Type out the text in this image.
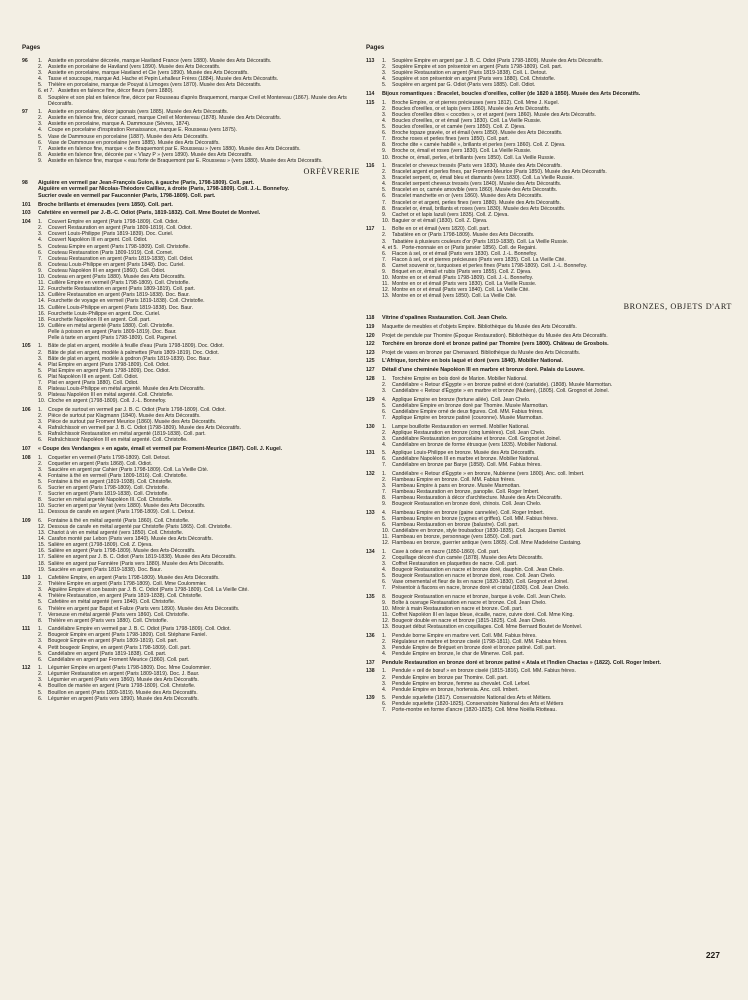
Pages
96	1.	Assiette en porcelaine décorée, marque Haviland France (vers 1880). Musée des Arts Décoratifs.
2.	Assiette en porcelaine de Haviland (vers 1890). Musée des Arts Décoratifs.
3.	Assiette en porcelaine, marque Haviland et Cie (vers 1890). Musée des Arts Décoratifs.
4.	Tasse et soucoupe, marque Ad. Hache et Pepin Lehalleur Frères (1884). Musée des Arts Décoratifs.
5.	Théière en porcelaine, marque de Pouyat à Limoges (vers 1870). Musée des Arts Décoratifs.
6. et 7. Assiettes en faïence fine, décor fleurs (vers 1880).
8.	Soupière et son plat en faïence fine, décor par Rousseau d'après Braquemont, marque Creil et Montereau (1867). Musée des Arts Décoratifs.
97	1.	Assiette en porcelaine, décor japonais (vers 1885). Musée des Arts Décoratifs.
2.	Assiette en faïence fine, décor canard, marque Creil et Montereau (1878). Musée des Arts Décoratifs.
3.	Assiette en porcelaine, marque A. Dammouse (Sèvres, 1874).
4.	Coupe en porcelaine d'inspiration Renaissance, marque E. Rousseau (vers 1875).
5.	Vase de Dammouse en porcelaine (1887). Musée des Arts Décoratifs.
6.	Vase de Dammouse en porcelaine (vers 1885). Musée des Arts Décoratifs.
7.	Assiette en faïence fine, marque « de Braquemont par E. Rousseau » (vers 1880). Musée des Arts Décoratifs.
8.	Assiette en faïence fine, décorée par « Vlazy P » (vers 1890). Musée des Arts Décoratifs.
9.	Assiette en faïence fine, marque « eau forte de Braquemont par E. Rousseau » (vers 1880). Musée des Arts Décoratifs.
ORFÈVRERIE
98	Aiguière en vermeil par Jean-François Guion, à gauche (Paris, 1798-1809). Coll. part.
Aiguière en vermeil par Nicolas-Théodore Cailliez, à droite (Paris, 1798-1809). Coll. J.-L. Bonnefoy.
Sucrier ovale en vermeil par Fauconnier (Paris, 1798-1809). Coll. part.
101	Broche brillants et émeraudes (vers 1850). Coll. part.
103	Cafetière en vermeil par J.-B.-C. Odiot (Paris, 1819-1832). Coll. Mme Boutet de Montvel.
104	1.	Couvert Empire en argent (Paris 1798-1809). Coll. Odiot.
2.	Couvert Restauration en argent (Paris 1809-1819). Coll. Odiot.
3.	Couvert Louis-Philippe (Paris 1819-1839). Doc. Curiel.
4.	Couvert Napoléon III en argent. Coll. Odiot.
5.	Couteau Empire en argent (Paris 1798-1809). Coll. Christofle.
6.	Couteau Restauration (Paris 1809-1919). Coll. Cornet.
7.	Couteau Restauration en argent (Paris 1819-1838). Coll. Odiot.
8.	Couteau Louis-Philippe en argent (Paris 1848). Doc. Curiel.
9.	Couteau Napoléon III en argent (1860). Coll. Odiot.
10. Couteau en argent (Paris 1880). Musée des Arts Décoratifs.
11. Cuillère Empire en vermeil (Paris 1798-1809). Coll. Christofle.
12. Fourchette Restauration en argent (Paris 1809-1819). Coll. part.
13. Cuillère Restauration en argent (Paris 1819-1838). Doc. Baur.
14. Fourchette de voyage en vermeil (Paris 1819-1838). Coll. Christofle.
15. Cuillère Louis-Philippe en argent (Paris 1819-1838). Doc. Baur.
16. Fourchette Louis-Philippe en argent. Doc. Curiel.
18. Fourchette Napoléon III en argent. Coll. part.
19. Cuillère en métal argenté (Paris 1880). Coll. Christofle.
Pelle à poisson en argent (Paris 1809-1819). Doc. Baur.
Pelle à tarte en argent (Paris 1798-1809). Coll. Pagenel.
105	1.	Bâte de plat en argent, modèle à feuille d'eau (Paris 1798-1809). Doc. Odiot.
2.	Bâte de plat en argent, modèle à palmettes (Paris 1809-1819). Doc. Odiot.
3.	Bâte de plat en argent, modèle à godron (Paris 1819-1839). Doc. Baur.
4.	Plat Empire en argent (Paris 1798-1809). Coll. Odiot.
5.	Plat Empire en argent (Paris 1798-1809). Doc. Odiot.
6.	Plat Napoléon III en argent. Coll. Odiot.
7.	Plat en argent (Paris 1880). Coll. Odiot.
8.	Plateau Louis-Philippe en métal argenté. Musée des Arts Décoratifs.
9.	Plateau Napoléon III en métal argenté. Coll. Christofle.
10. Cloche en argent (1798-1809). Coll. J.-L. Bonnefoy.
106	1.	Coupe de surtout en vermeil par J. B. C. Odiot (Paris 1798-1809). Coll. Odiot.
2.	Pièce de surtout par Klagmann (1840). Musée des Arts Décoratifs.
3.	Pièce de surtout par Froment Meurice (1860). Musée des Arts Décoratifs.
4.	Rafraîchissoir en vermeil par J. B. C. Odiot (1798-1809). Musée des Arts Décoratifs.
5.	Rafraîchissoir Restauration en métal argenté (1819-1838). Coll. part.
6.	Rafraîchissoir Napoléon III en métal argenté. Coll. Christofle.
107	« Coupe des Vendanges » en agate, émail et vermeil par Froment-Meurice (1847). Coll. J. Kugel.
108	1.	Coquetier en vermeil (Paris 1798-1809). Coll. Detout.
2.	Coquetier en argent (Paris 1868). Coll. Odiot.
3.	Saucière en argent par Cahier (Paris 1798-1809). Coll. La Vieille Cité.
4.	Fontaine à thé en vermeil (Paris 1809-1816). Coll. Christofle.
5.	Fontaine à thé en argent (1819-1938). Coll. Christofle.
6.	Sucrier en argent (Paris 1798-1809). Coll. Christofle.
7.	Sucrier en argent (Paris 1819-1838). Coll. Christofle.
8.	Sucrier en métal argenté Napoléon III. Coll. Christofle.
10. Sucrier en argent par Veyrat (vers 1880). Musée des Arts Décoratifs.
11. Dessous de carafe en argent (Paris 1798-1809). Coll. L. Detout.
109	6.	Fontaine à thé en métal argenté (Paris 1860). Coll. Christofle.
12. Dessous de carafe en métal argenté par Christofle (Paris 1865). Coll. Christofle.
13. Chariot à vin en métal argenté (vers 1850). Coll. Christofle.
14. Carafon monté par Lebon (Paris vers 1840). Musée des Arts Décoratifs.
15. Salière en argent (1798-1809). Coll. Z. Djeva.
16. Salière en argent (Paris 1798-1809). Musée des Arts-Décoratifs.
17. Salière en argent par J. B. C. Odiot (Paris 1819-1838). Musée des Arts Décoratifs.
18. Salière en argent par Fannière (Paris vers 1880). Musée des Arts Décoratifs.
19. Saucière en argent (Paris 1819-1838). Doc. Baur.
110	1.	Cafetière Empire, en argent (Paris 1798-1809). Musée des Arts Décoratifs.
2.	Théière Empire en argent (Paris 1798-1809). Coll. Mme Coulommier.
3.	Aiguière Empire et son bassin par J. B. C. Odiot (Paris 1798-1809). Coll. La Vieille Cité.
4.	Théière Restauration, en argent (Paris 1819-1838). Coll. Christofle.
5.	Cafetière en métal argenté (vers 1840). Coll. Christofle.
6.	Théière en argent par Bapst et Falize (Paris vers 1890). Musée des Arts Décoratifs.
7.	Verseuse en métal argenté (Paris vers 1860). Coll. Christofle.
8.	Théière en argent (Paris vers 1880). Coll. Christofle.
111	1.	Candélabre Empire en vermeil par J. B. C. Odiot (Paris 1798-1809). Coll. Odiot.
2.	Bougeoir Empire en argent (Paris 1798-1809). Coll. Stéphane Faniel.
3.	Bougeoir Empire en argent (Paris 1809-1819). Coll. part.
4.	Petit bougeoir Empire, en argent (Paris 1798-1809). Coll. part.
5.	Candélabre en argent (Paris 1819-1838). Coll. part.
6.	Candélabre en argent par Froment Meurice (1860). Coll. part.
112	1.	Légumier Empire en argent (Paris 1798-1809). Doc. Mme Coulommier.
2.	Légumier Restauration en argent (Paris 1809-1819). Doc. J. Baur.
3.	Légumier en argent (Paris vers 1860). Musée des Arts Décoratifs.
4.	Bouillon de mariée en argent (Paris 1798-1809). Coll. Christofle.
5.	Bouillon en argent (Paris 1809-1819). Musée des Arts Décoratifs.
6.	Légumier en argent (Paris vers 1890). Musée des Arts Décoratifs.
Pages
113	1.	Soupière Empire en argent par J. B. C. Odiot (Paris 1798-1809). Musée des Arts Décoratifs.
2.	Soupière Empire et son présentoir en argent (Paris 1798-1809). Coll. part.
3.	Soupière Restauration en argent (Paris 1819-1838). Coll. L. Detout.
4.	Soupière et son présentoir en argent (Paris vers 1880). Coll. Christofle.
5.	Soupière en argent par G. Odiot (Paris vers 1885). Coll. Odiot.
114	Bijoux romantiques : Bracelet, boucles d'oreilles, collier (de 1820 à 1850). Musée des Arts Décoratifs.
115	1.	Broche Empire, or et pierres précieuses (vers 1812). Coll. Mme J. Kugel.
2.	Boucles d'oreilles, or et lapis (vers 1860). Musée des Arts Décoratifs.
3.	Boucles d'oreilles dites « cocottes », or et argent (vers 1860). Musée des Arts Décoratifs.
4.	Boucles d'oreilles, or et émail (vers 1830). Coll. La Vieille Russie.
5.	Boucles d'oreilles, or et camée (vers 1850). Coll. Z. Djeva.
6.	Broche topaze gravée, or et émail (vers 1850). Musée des Arts Décoratifs.
7.	Broche roses et perles fines (vers 1850). Coll. part.
8.	Broche dite « camée habillé », brillants et perles (vers 1860). Coll. Z. Djeva.
9.	Broche or, émail et roses (vers 1830). Coll. La Vieille Russie.
10. Broche or, émail, perles, et brillants (vers 1850). Coll. La Vieille Russie.
116	1.	Bracelet or cheveux tressés (Paris vers 1830). Musée des Arts Décoratifs.
2.	Bracelet argent et perles fines, par Froment-Meurice (Paris 1850). Musée des Arts Décoratifs.
3.	Bracelet serpent, or, émail bleu et diamants (vers 1830). Coll. La Vieille Russie.
4.	Bracelet serpent cheveux tressés (vers 1840). Musée des Arts Décoratifs.
5.	Bracelet en or, camée amovible (vers 1860). Musée des Arts Décoratifs.
6.	Bracelet manchette en or (vers 1860). Musée des Arts Décoratifs.
7.	Bracelet or et argent, perles fines (vers 1880). Musée des Arts Décoratifs.
8.	Bracelet or, émail, brillants et roses (vers 1830). Musée des Arts Décoratifs.
9.	Cachet or et lapis lazuli (vers 1835). Coll. Z. Djeva.
10. Baguier or et émail (1830). Coll. Z. Djeva.
117	1.	Boîte en or et émail (vers 1820). Coll. part.
2.	Tabatière en or (Paris 1798-1809). Musée des Arts Décoratifs.
3.	Tabatière à plusieurs couleurs d'or (Paris 1819-1838). Coll. La Vieille Russie.
4. et 5. Porte-monnaie en or (Paris janvier 1856). Coll. de Regaini.
6.	Flacon à sel, or et émail (Paris vers 1830). Coll. J.-L. Bonnefoy.
7.	Flacon à sel, or et pierres précieuses (Paris vers 1835). Coll. La Vieille Cité.
8.	Carnet souvenir or, turquoises et perles fines (Paris 1798-1809). Coll. J.-L. Bonnefoy.
9.	Briquet en or, émail et rubis (Paris vers 1855). Coll. Z. Djeva.
10. Montre en or et émail (Paris 1798-1809). Coll. J.-L. Bonnefoy.
11. Montre en or et émail (Paris vers 1830). Coll. La Vieille Russie.
12. Montre en or et émail (Paris vers 1840). Coll. La Vieille Cité.
13. Montre en or et émail (vers 1850). Coll. La Vieille Cité.
BRONZES, OBJETS D'ART
118	Vitrine d'opalines Rsstauration. Coll. Jean Chelo.
119	Maquette de meubles et d'objets Empire. Bibliothèque du Musée des Arts Décoratifs.
120	Projet de pendule par Thomire (Époque Restauration). Bibliothèque du Musée des Arts Décoratifs.
122	Torchère en bronze doré et bronze patiné par Thomire (vers 1800). Château de Grosbois.
123	Projet de vases en bronze par Chenavard. Bibliothèque du Musée des Arts Décoratifs.
125	L'Afrique, torchère en bois laqué et doré (vers 1840). Mobilier National.
127	Détail d'une cheminée Napoléon III en marbre et bronze doré. Palais du Louvre.
128	1.	Torchère Empire en bois doré de Marion. Mobilier National.
2.	Candélabre « Retour d'Égypte » en bronze patiné et doré (cariatide). (1808). Musée Marmottan.
3.	Candélabre « Retour d'Égypte » en marbre et bronze (Nubien), (1805). Coll. Grognot et Joinel.
129	4.	Applique Empire en bronze (fortune ailée). Coll. Jean Chelo.
5.	Candélabre Empire en bronze doré par Thomire. Musée Marmottan.
6.	Candélabre Empire orné de deux figures. Coll. MM. Fabius frères.
7.	Applique Empire en bronze patiné (couronne). Musée Marmottan.
130	1.	Lampe bouillotte Restauration en vermeil. Mobilier National.
2.	Applique Restauration en bronze (cinq lumières). Coll. Jean Chelo.
3.	Candélabre Restauration en porcelaine et bronze. Coll. Grognot et Joinel.
4.	Candélabre en bronze de forme étrusque (vers 1835). Mobilier National.
131	5.	Applique Louis-Philippe en bronze. Musée des Arts Décoratifs.
6.	Candélabre Napoléon III en marbre et bronze. Mobilier National.
7.	Candélabre en bronze par Barye (1858). Coll. MM. Fabius frères.
132	1.	Candélabre « Retour d'Égypte » en bronze, Nubienne (vers 1800). Anc. coll. Imbert.
2.	Flambeau Empire en bronze. Coll. MM. Fabius frères.
3.	Flambeau Empire à pans en bronze. Musée Marmottan.
7.	Flambeau Restauration en bronze, panoplie. Coll. Roger Imbert.
8.	Flambeau Restauration à décor d'architecture. Musée des Arts Décoratifs.
9.	Bougeoir Restauration en bronze doré, chinois. Coll. Jean Chelo.
133	4.	Flambeau Empire en bronze (gaine cannelée). Coll. Roger Imbert.
5.	Flambeau Empire en bronze (cygnes et griffes). Coll. MM. Fabius frères.
6.	Flambeau Restauration en bronze (balustre). Coll. part.
10. Candélabre en bronze, style troubadour (1830-1835). Coll. Jacques Damiot.
11. Flambeau en bronze, personnage (vers 1850). Coll. part.
12. Flambeau en bronze, guerrier antique (vers 1865). Coll. Mme Madeleine Castaing.
134	1.	Cave à odeur en nacre (1850-1860). Coll. part.
2.	Coquillage décoré d'un camée (1878). Musée des Arts Décoratifs.
3.	Coffret Restauration en plaquettes de nacre. Coll. part.
4.	Bougeoir Restauration en nacre et bronze doré, dauphin. Coll. Jean Chelo.
5.	Bougeoir Restauration en nacre et bronze doré, rose. Coll. Jean Chelo.
6.	Vase ornemental et fleur de lis en nacre (1820-1830). Coll. Grognot et Joinel.
7.	Présentoir à flacons en nacre, bronze doré et cristal (1830). Coll. Jean Chelo.
135	8.	Bougeoir Restauration en nacre et bronze, barque à voile. Coll. Jean Chelo.
9.	Boîte à ouvrage Restauration en nacre et bronze. Coll. Jean Chelo.
10. Miroir à main Restauration en nacre et bronze. Coll. part.
11. Coffret Napoléon III en laque bleue, écaille, nacre, cuivre doré. Coll. Mme King.
12. Bougeoir double en nacre et bronze (1815-1825). Coll. Jean Chelo.
13. Bouquet début Restauration en coquillages. Coll. Mme Bernard Boutet de Montvel.
136	1.	Pendule borne Empire en marbre vert. Coll. MM. Fabius frères.
2.	Régulateur en marbre et bronze ciselé (1798-1811). Coll. MM. Fabius frères.
3.	Pendule Empire de Bréguet en bronze doré et bronze patiné. Coll. part.
4.	Pendule Empire en bronze, le char de Minerve. Coll. part.
137	Pendule Restauration en bronze doré et bronze patiné « Atala et l'Indien Chactas » (1822). Coll. Roger Imbert.
138	1.	Pendule « œil de bœuf » en bronze ciselé (1815-1816). Coll. MM. Fabius frères.
2.	Pendule Empire en bronze par Thomire. Coll. part.
3.	Pendule Empire en bronze, femme au chevalet. Coll. Lefoel.
4.	Pendule Empire en bronze, hortensia. Anc. coll. Imbert.
139	5.	Pendule squelette (1817). Conservatoire National des Arts et Métiers.
6.	Pendule squelette (1820-1825). Conservatoire National des Arts et Métiers
7.	Porte-montre en forme d'ancre (1820-1825). Coll. Mme Noëlla Riotteau.
227
